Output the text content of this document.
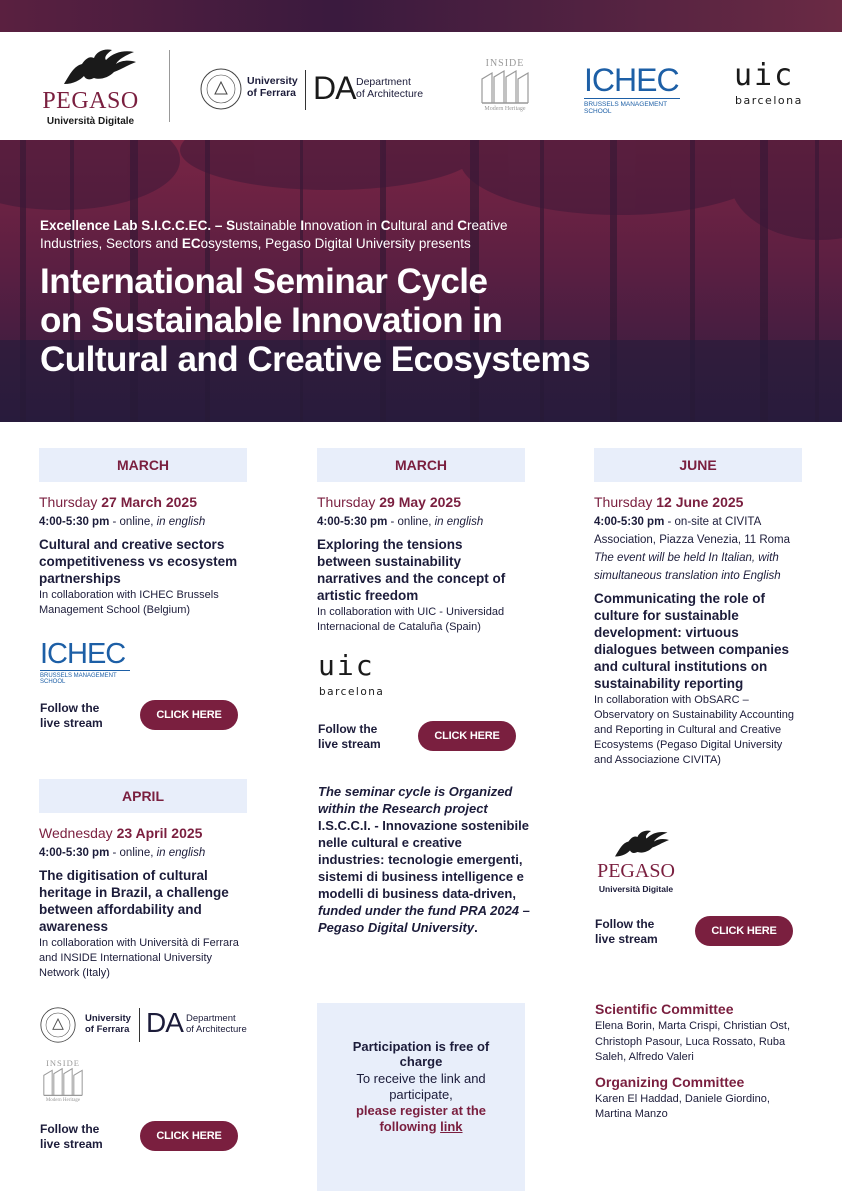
PEGASO
Università Digitale
University
of Ferrara DA Department
of Architecture
INSIDE
Modern Heritage
ICHEC
BRUSSELS MANAGEMENT SCHOOL
uic
barcelona
Excellence Lab S.I.C.C.EC. – Sustainable Innovation in Cultural and Creative
Industries, Sectors and ECosystems, Pegaso Digital University presents
International Seminar Cycle
on Sustainable Innovation in
Cultural and Creative Ecosystems
MARCH
Thursday 27 March 2025
4:00-5:30 pm - online, in english
Cultural and creative sectors competitiveness vs ecosystem partnerships
In collaboration with ICHEC Brussels Management School (Belgium)
ICHEC
BRUSSELS MANAGEMENT SCHOOL
Follow the live stream
CLICK HERE
APRIL
Wednesday 23 April 2025
4:00-5:30 pm - online, in english
The digitisation of cultural heritage in Brazil, a challenge between affordability and awareness
In collaboration with Università di Ferrara and INSIDE International University Network (Italy)
University
of Ferrara DA Department
of Architecture
INSIDE
Modern Heritage
Follow the live stream
CLICK HERE
MARCH
Thursday 29 May 2025
4:00-5:30 pm - online, in english
Exploring the tensions between sustainability narratives and the concept of artistic freedom
In collaboration with UIC - Universidad Internacional de Cataluña (Spain)
uic
barcelona
Follow the live stream
CLICK HERE
The seminar cycle is Organized within the Research project I.S.C.C.I. - Innovazione sostenibile nelle cultural e creative industries: tecnologie emergenti, sistemi di business intelligence e modelli di business data-driven, funded under the fund PRA 2024 – Pegaso Digital University.
Participation is free of charge
To receive the link and participate,
please register at the following link
JUNE
Thursday 12 June 2025
4:00-5:30 pm - on-site at CIVITA Association, Piazza Venezia, 11 Roma
The event will be held In Italian, with simultaneous translation into English
Communicating the role of culture for sustainable development: virtuous dialogues between companies and cultural institutions on sustainability reporting
In collaboration with ObSARC – Observatory on Sustainability Accounting and Reporting in Cultural and Creative Ecosystems (Pegaso Digital University and Associazione CIVITA)
PEGASO
Università Digitale
Follow the live stream
CLICK HERE
Scientific Committee
Elena Borin, Marta Crispi, Christian Ost, Christoph Pasour, Luca Rossato, Ruba Saleh, Alfredo Valeri
Organizing Committee
Karen El Haddad, Daniele Giordino, Martina Manzo
